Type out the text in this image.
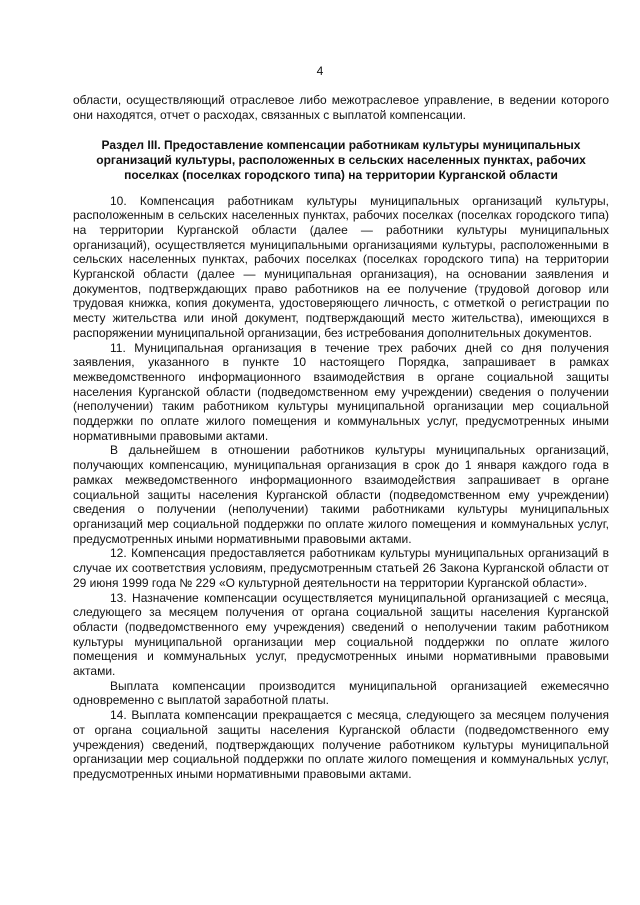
4

области, осуществляющий отраслевое либо межотраслевое управление, в ведении которого они находятся, отчет о расходах, связанных с выплатой компенсации.

Раздел III. Предоставление компенсации работникам культуры муниципальных организаций культуры, расположенных в сельских населенных пунктах, рабочих поселках (поселках городского типа) на территории Курганской области

10. Компенсация работникам культуры муниципальных организаций культуры, расположенным в сельских населенных пунктах, рабочих поселках (поселках городского типа) на территории Курганской области (далее — работники культуры муниципальных организаций), осуществляется муниципальными организациями культуры, расположенными в сельских населенных пунктах, рабочих поселках (поселках городского типа) на территории Курганской области (далее — муниципальная организация), на основании заявления и документов, подтверждающих право работников на ее получение (трудовой договор или трудовая книжка, копия документа, удостоверяющего личность, с отметкой о регистрации по месту жительства или иной документ, подтверждающий место жительства), имеющихся в распоряжении муниципальной организации, без истребования дополнительных документов.

11. Муниципальная организация в течение трех рабочих дней со дня получения заявления, указанного в пункте 10 настоящего Порядка, запрашивает в рамках межведомственного информационного взаимодействия в органе социальной защиты населения Курганской области (подведомственном ему учреждении) сведения о получении (неполучении) таким работником культуры муниципальной организации мер социальной поддержки по оплате жилого помещения и коммунальных услуг, предусмотренных иными нормативными правовыми актами.

В дальнейшем в отношении работников культуры муниципальных организаций, получающих компенсацию, муниципальная организация в срок до 1 января каждого года в рамках межведомственного информационного взаимодействия запрашивает в органе социальной защиты населения Курганской области (подведомственном ему учреждении) сведения о получении (неполучении) такими работниками культуры муниципальных организаций мер социальной поддержки по оплате жилого помещения и коммунальных услуг, предусмотренных иными нормативными правовыми актами.

12. Компенсация предоставляется работникам культуры муниципальных организаций в случае их соответствия условиям, предусмотренным статьей 26 Закона Курганской области от 29 июня 1999 года № 229 «О культурной деятельности на территории Курганской области».

13. Назначение компенсации осуществляется муниципальной организацией с месяца, следующего за месяцем получения от органа социальной защиты населения Курганской области (подведомственного ему учреждения) сведений о неполучении таким работником культуры муниципальной организации мер социальной поддержки по оплате жилого помещения и коммунальных услуг, предусмотренных иными нормативными правовыми актами.

Выплата компенсации производится муниципальной организацией ежемесячно одновременно с выплатой заработной платы.

14. Выплата компенсации прекращается с месяца, следующего за месяцем получения от органа социальной защиты населения Курганской области (подведомственного ему учреждения) сведений, подтверждающих получение работником культуры муниципальной организации мер социальной поддержки по оплате жилого помещения и коммунальных услуг, предусмотренных иными нормативными правовыми актами.
